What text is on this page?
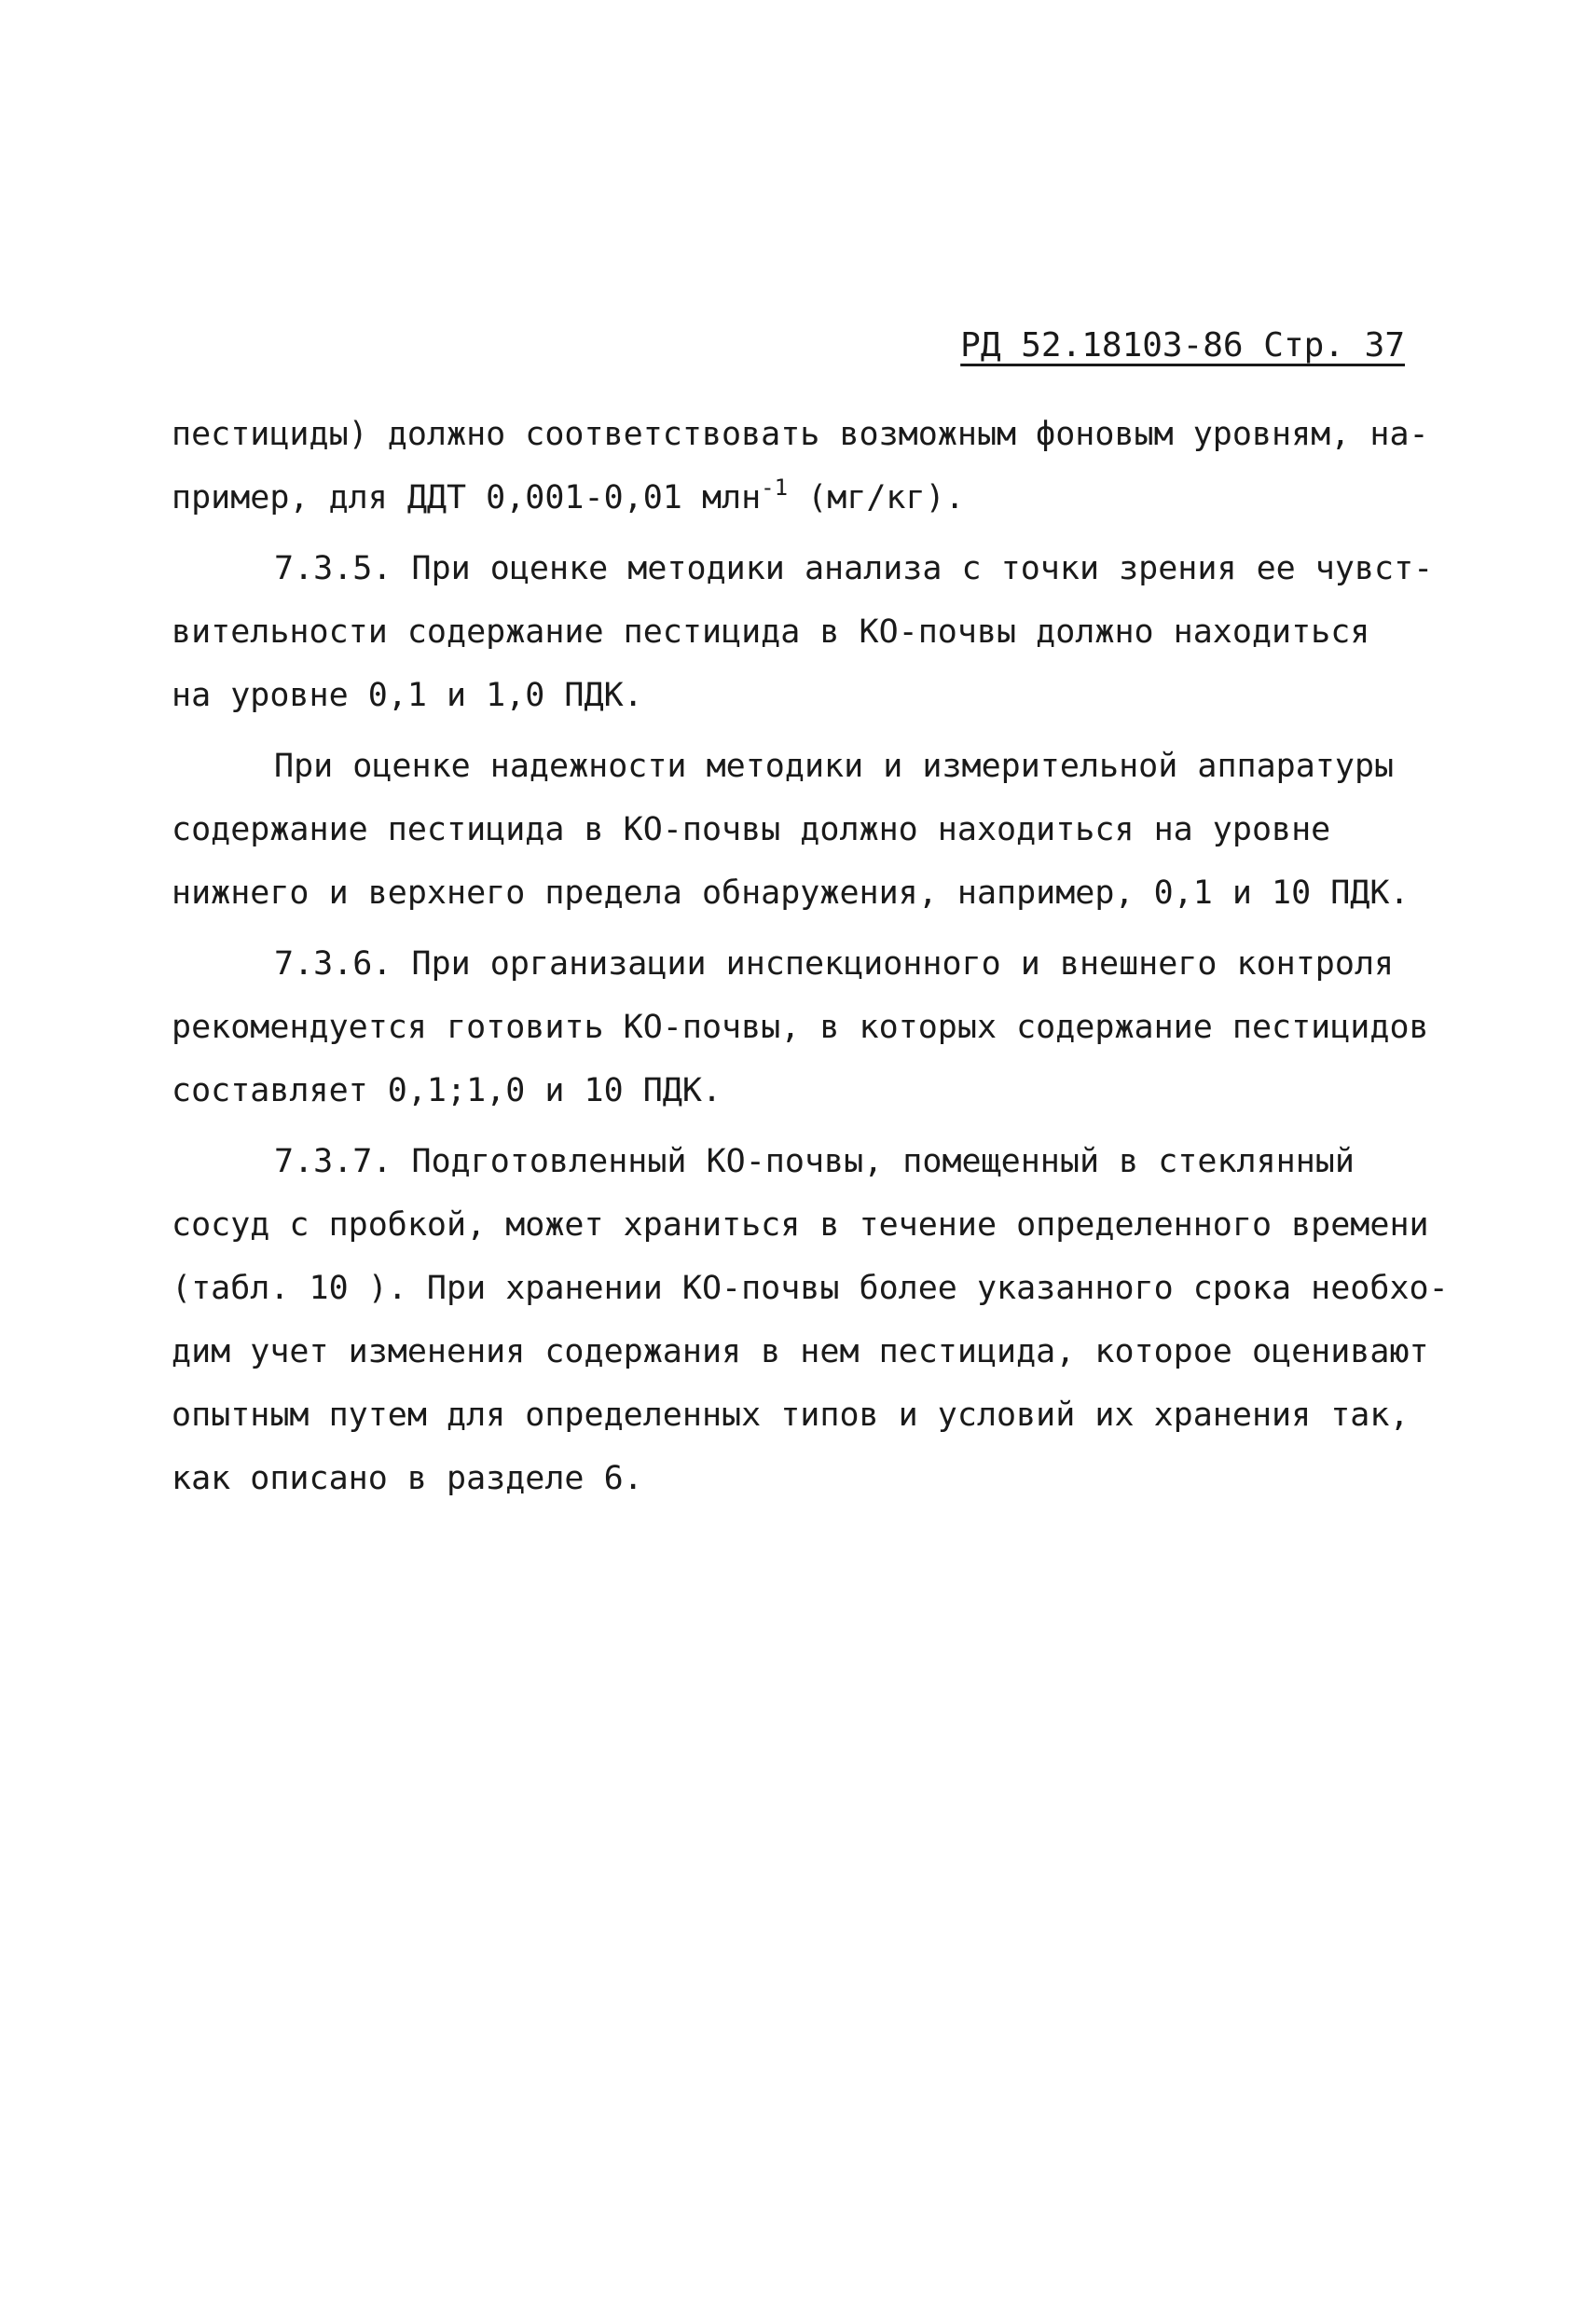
РД 52.18103-86 Стр. 37
пестициды) должно соответствовать возможным фоновым уровням, на-
пример, для ДДТ 0,001-0,01 млн$^{-1}$ (мг/кг).
7.3.5. При оценке методики анализа с точки зрения ее чувст-
вительности содержание пестицида в КО-почвы должно находиться
на уровне 0,1 и 1,0 ПДК.
При оценке надежности методики и измерительной аппаратуры
содержание пестицида в КО-почвы должно находиться на уровне
нижнего и верхнего предела обнаружения, например, 0,1 и 10 ПДК.
7.3.6. При организации инспекционного и внешнего контроля
рекомендуется готовить КО-почвы, в которых содержание пестицидов
составляет 0,1;1,0 и 10 ПДК.
7.3.7. Подготовленный КО-почвы, помещенный в стеклянный
сосуд с пробкой, может храниться в течение определенного времени
(табл. 10 ). При хранении КО-почвы более указанного срока необхо-
дим учет изменения содержания в нем пестицида, которое оценивают
опытным путем для определенных типов и условий их хранения так,
как описано в разделе 6.
